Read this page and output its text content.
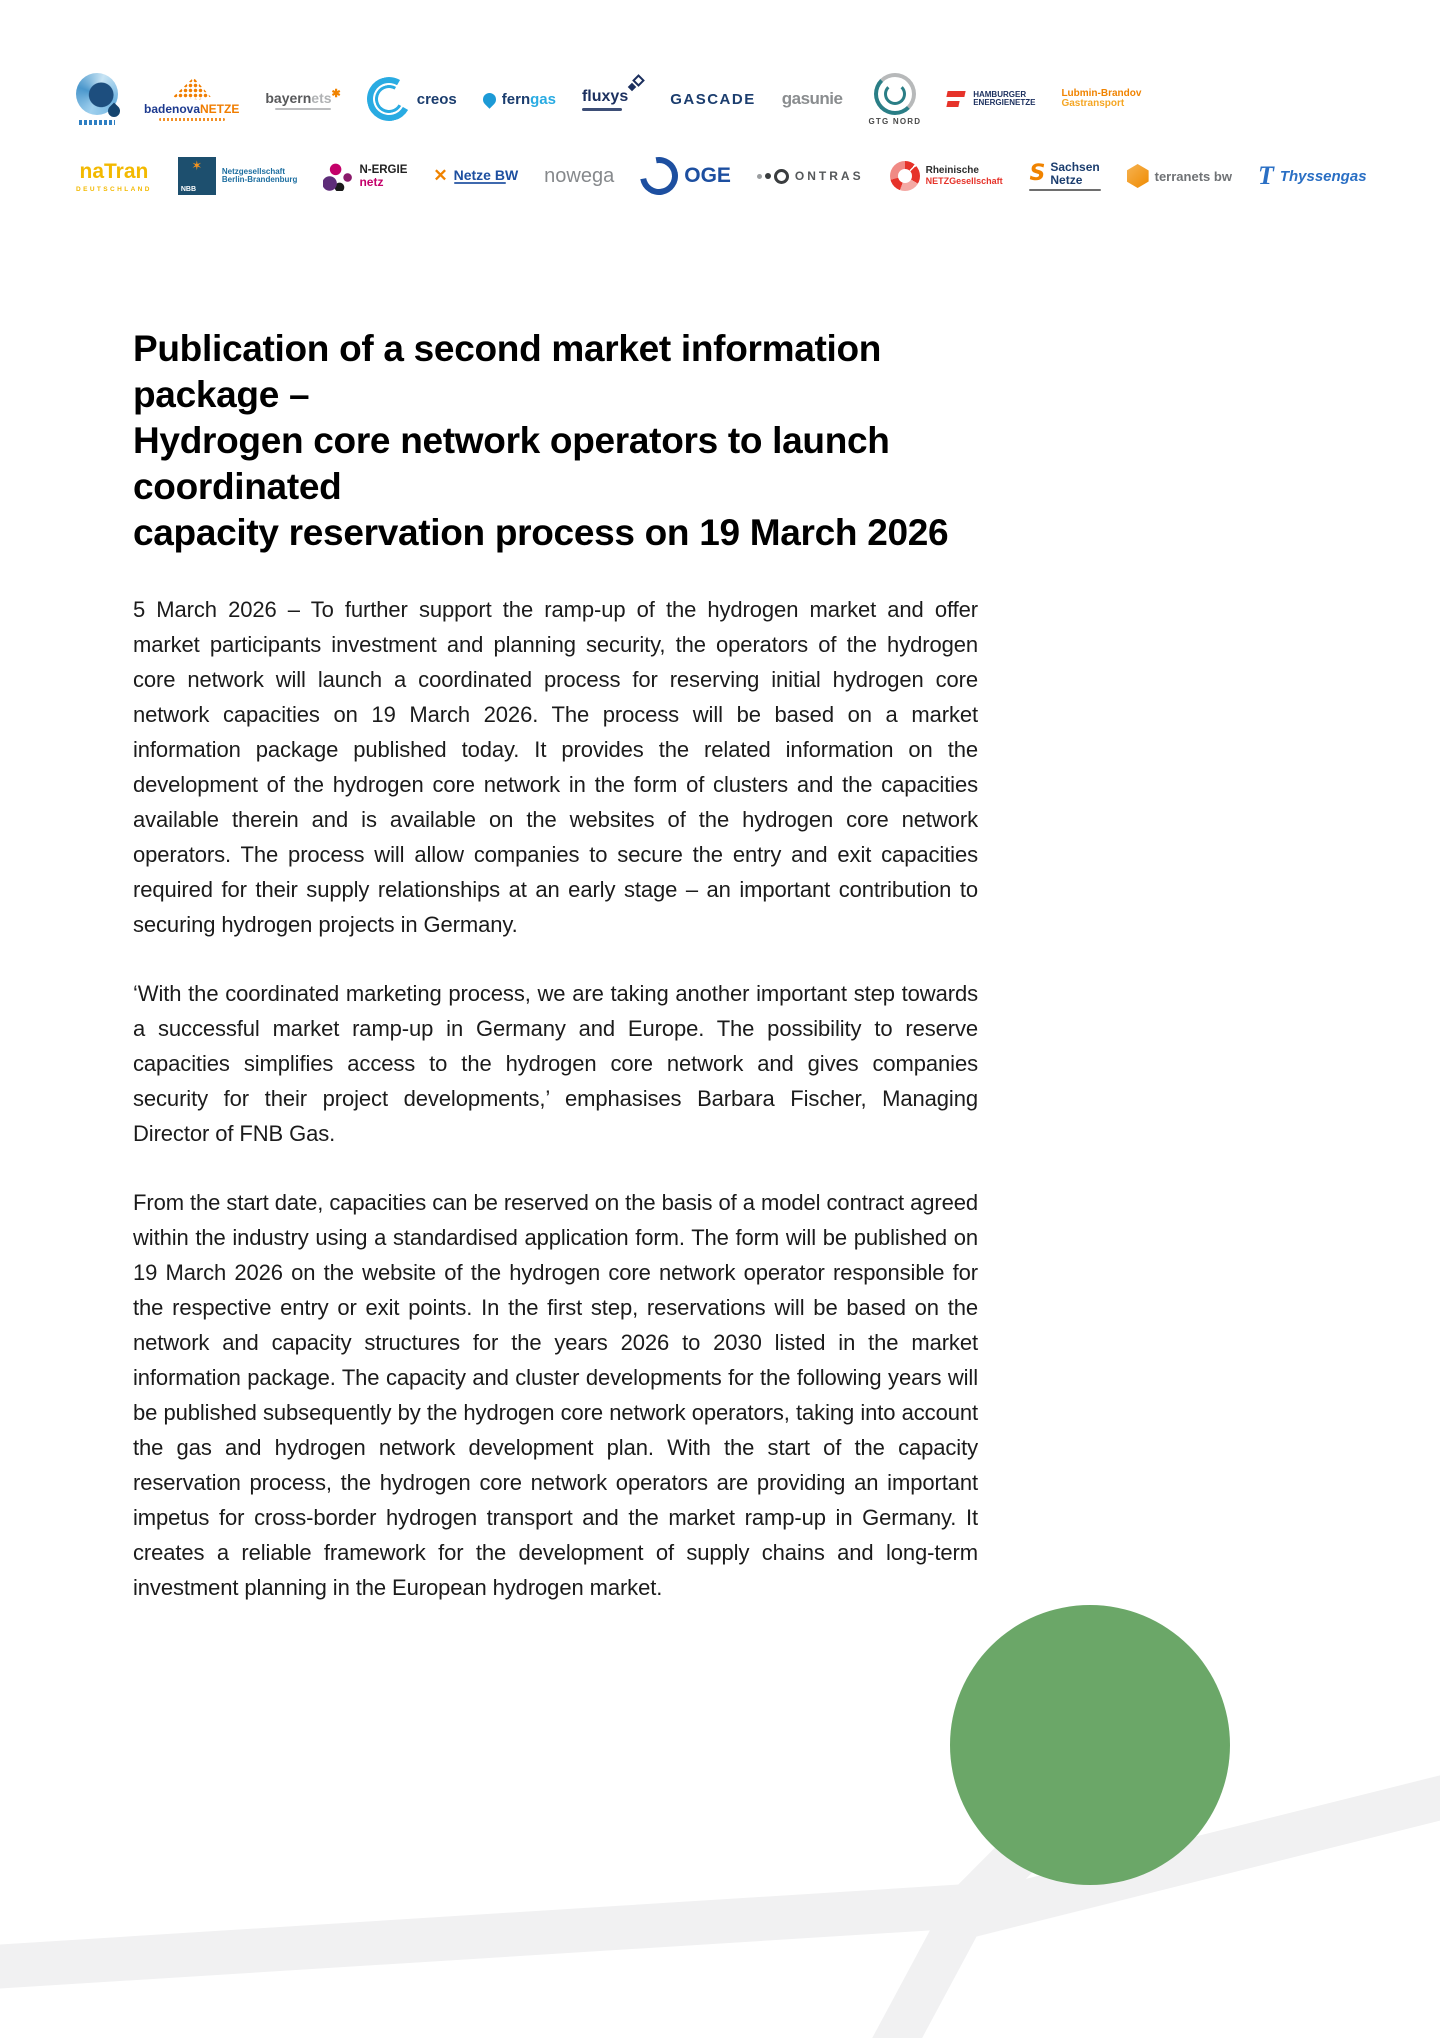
badenovaNETZE
bayernets ✱	creos	ferngas fluxys	GASCADE gasunie
GTG NORD
HAMBURGER
ENERGIENETZE
Lubmin-Brandov
Gastransport
naTran
DEUTSCHLAND	✶ NBB
Netzgesellschaft
Berlin-Brandenburg
N-ERGIE
netz ✕	Netze BW nowega	OGE	ONTRAS	Rheinische
NETZGesellschaft
S
Sachsen
Netze	terranets bw T	Thyssengas
Publication of a second market information package –
Hydrogen core network operators to launch coordinated
capacity reservation process on 19 March 2026

5 March 2026 – To further support the ramp-up of the hydrogen market and offer market participants investment and planning security, the operators of the hydrogen core network will launch a coordinated process for reserving initial hydrogen core network capacities on 19 March 2026. The process will be based on a market information package published today. It provides the related information on the development of the hydrogen core network in the form of clusters and the capacities available therein and is available on the websites of the hydrogen core network operators. The process will allow companies to secure the entry and exit capacities required for their supply relationships at an early stage – an important contribution to securing hydrogen projects in Germany.

‘With the coordinated marketing process, we are taking another important step towards a successful market ramp-up in Germany and Europe. The possibility to reserve capacities simplifies access to the hydrogen core network and gives companies security for their project developments,’ emphasises Barbara Fischer, Managing Director of FNB Gas.

From the start date, capacities can be reserved on the basis of a model contract agreed within the industry using a standardised application form. The form will be published on 19 March 2026 on the website of the hydrogen core network operator responsible for the respective entry or exit points. In the first step, reservations will be based on the network and capacity structures for the years 2026 to 2030 listed in the market information package. The capacity and cluster developments for the following years will be published subsequently by the hydrogen core network operators, taking into account the gas and hydrogen network development plan. With the start of the capacity reservation process, the hydrogen core network operators are providing an important impetus for cross-border hydrogen transport and the market ramp-up in Germany. It creates a reliable framework for the development of supply chains and long-term investment planning in the European hydrogen market.
